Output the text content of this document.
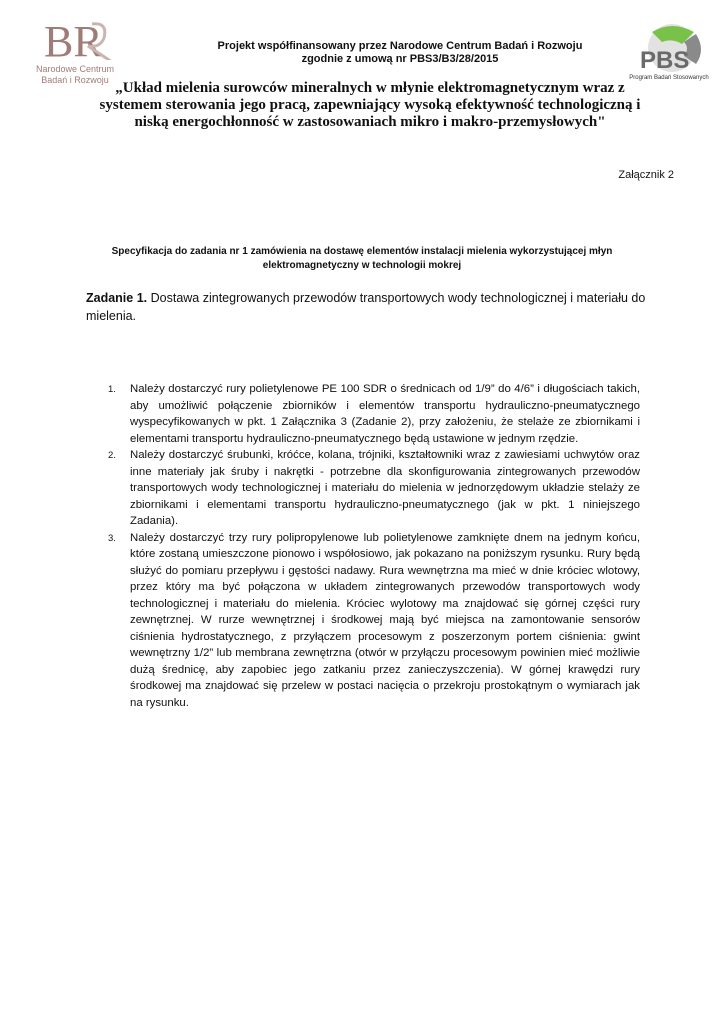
BR
Narodowe Centrum
Badań i Rozwoju
PBS
Program Badań Stosowanych
Projekt współfinansowany przez Narodowe Centrum Badań i Rozwoju
zgodnie z umową nr PBS3/B3/28/2015
„Układ mielenia surowców mineralnych w młynie elektromagnetycznym wraz z systemem sterowania jego pracą, zapewniający wysoką efektywność technologiczną i niską energochłonność w zastosowaniach mikro i makro-przemysłowych"
Załącznik 2
Specyfikacja do zadania nr 1 zamówienia na dostawę elementów instalacji mielenia wykorzystującej młyn elektromagnetyczny w technologii mokrej
Zadanie 1. Dostawa zintegrowanych przewodów transportowych wody technologicznej i materiału do mielenia.
1. Należy dostarczyć rury polietylenowe PE 100 SDR o średnicach od 1/9” do 4/6” i długościach takich, aby umożliwić połączenie zbiorników i elementów transportu hydrauliczno-pneumatycznego wyspecyfikowanych w pkt. 1 Załącznika 3 (Zadanie 2), przy założeniu, że stelaże ze zbiornikami i elementami transportu hydrauliczno-pneumatycznego będą ustawione w jednym rzędzie.
2. Należy dostarczyć śrubunki, króćce, kolana, trójniki, kształtowniki wraz z zawiesiami uchwytów oraz inne materiały jak śruby i nakrętki - potrzebne dla skonfigurowania zintegrowanych przewodów transportowych wody technologicznej i materiału do mielenia w jednorzędowym układzie stelaży ze zbiornikami i elementami transportu hydrauliczno-pneumatycznego (jak w pkt. 1 niniejszego Zadania).
3. Należy dostarczyć trzy rury polipropylenowe lub polietylenowe zamknięte dnem na jednym końcu, które zostaną umieszczone pionowo i współosiowo, jak pokazano na poniższym rysunku. Rury będą służyć do pomiaru przepływu i gęstości nadawy. Rura wewnętrzna ma mieć w dnie króciec wlotowy, przez który ma być połączona w układem zintegrowanych przewodów transportowych wody technologicznej i materiału do mielenia. Króciec wylotowy ma znajdować się górnej części rury zewnętrznej. W rurze wewnętrznej i środkowej mają być miejsca na zamontowanie sensorów ciśnienia hydrostatycznego, z przyłączem procesowym z poszerzonym portem ciśnienia: gwint wewnętrzny 1/2” lub membrana zewnętrzna (otwór w przyłączu procesowym powinien mieć możliwie dużą średnicę, aby zapobiec jego zatkaniu przez zanieczyszczenia). W górnej krawędzi rury środkowej ma znajdować się przelew w postaci nacięcia o przekroju prostokątnym o wymiarach jak na rysunku.
